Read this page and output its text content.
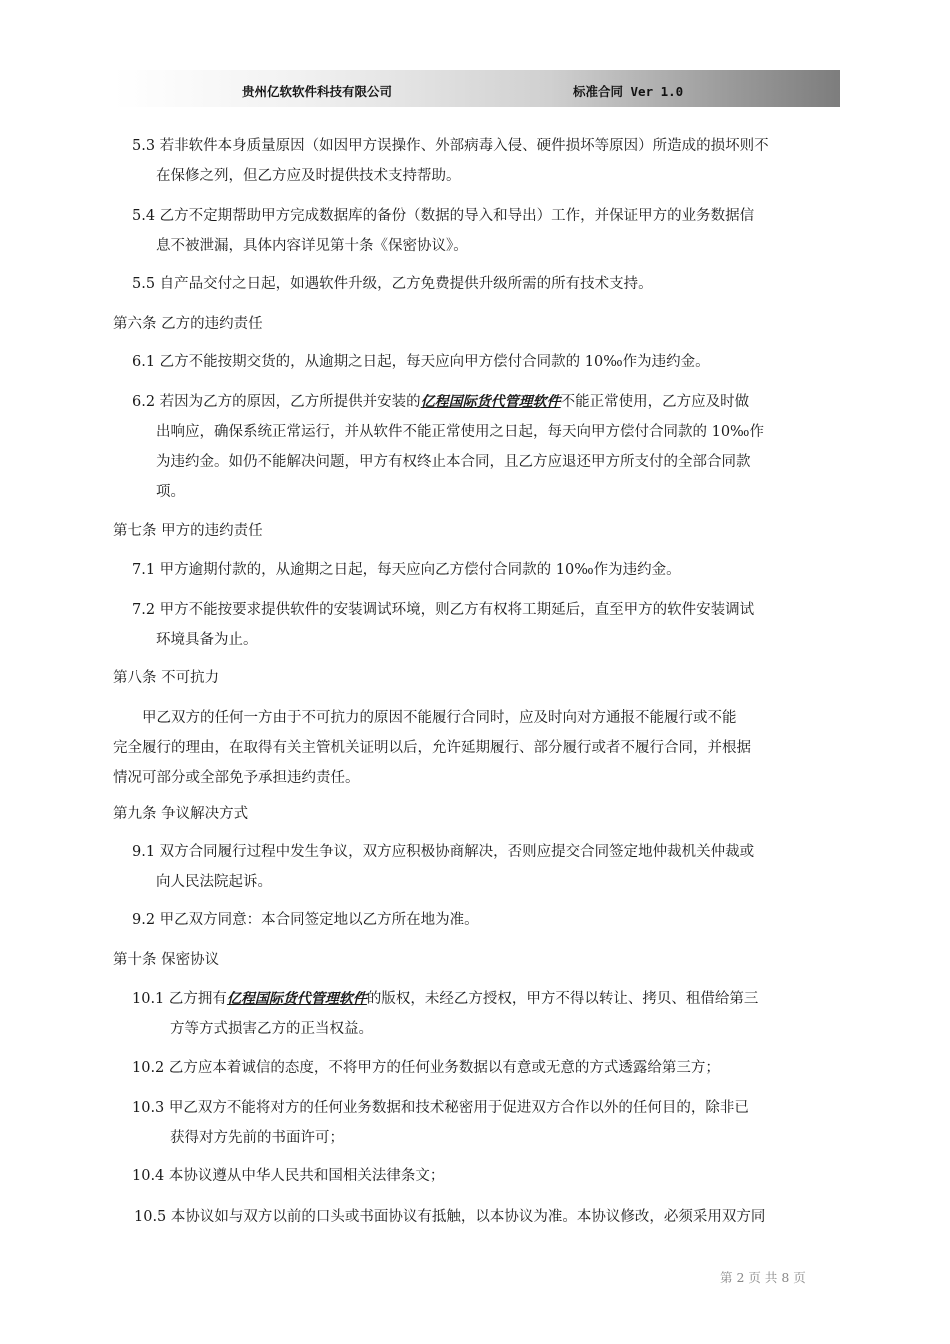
贵州亿软软件科技有限公司	标准合同 Ver 1.0
5.3 若非软件本身质量原因（如因甲方误操作、外部病毒入侵、硬件损坏等原因）所造成的损坏则不
在保修之列，但乙方应及时提供技术支持帮助。
5.4 乙方不定期帮助甲方完成数据库的备份（数据的导入和导出）工作，并保证甲方的业务数据信
息不被泄漏，具体内容详见第十条《保密协议》。
5.5 自产品交付之日起，如遇软件升级，乙方免费提供升级所需的所有技术支持。
第六条 乙方的违约责任
6.1 乙方不能按期交货的，从逾期之日起，每天应向甲方偿付合同款的 10‰作为违约金。
6.2 若因为乙方的原因，乙方所提供并安装的亿程国际货代管理软件不能正常使用，乙方应及时做
出响应，确保系统正常运行，并从软件不能正常使用之日起，每天向甲方偿付合同款的 10‰作
为违约金。如仍不能解决问题，甲方有权终止本合同，且乙方应退还甲方所支付的全部合同款
项。
第七条 甲方的违约责任
7.1 甲方逾期付款的，从逾期之日起，每天应向乙方偿付合同款的 10‰作为违约金。
7.2 甲方不能按要求提供软件的安装调试环境，则乙方有权将工期延后，直至甲方的软件安装调试
环境具备为止。
第八条 不可抗力
　　甲乙双方的任何一方由于不可抗力的原因不能履行合同时，应及时向对方通报不能履行或不能
完全履行的理由，在取得有关主管机关证明以后，允许延期履行、部分履行或者不履行合同，并根据
情况可部分或全部免予承担违约责任。
第九条 争议解决方式
9.1 双方合同履行过程中发生争议，双方应积极协商解决，否则应提交合同签定地仲裁机关仲裁或
向人民法院起诉。
9.2 甲乙双方同意：本合同签定地以乙方所在地为准。
第十条 保密协议
10.1 乙方拥有亿程国际货代管理软件的版权，未经乙方授权，甲方不得以转让、拷贝、租借给第三
方等方式损害乙方的正当权益。
10.2 乙方应本着诚信的态度，不将甲方的任何业务数据以有意或无意的方式透露给第三方；
10.3 甲乙双方不能将对方的任何业务数据和技术秘密用于促进双方合作以外的任何目的，除非已
获得对方先前的书面许可；
10.4 本协议遵从中华人民共和国相关法律条文；
10.5 本协议如与双方以前的口头或书面协议有抵触，以本协议为准。本协议修改，必须采用双方同
第 2 页 共 8 页
